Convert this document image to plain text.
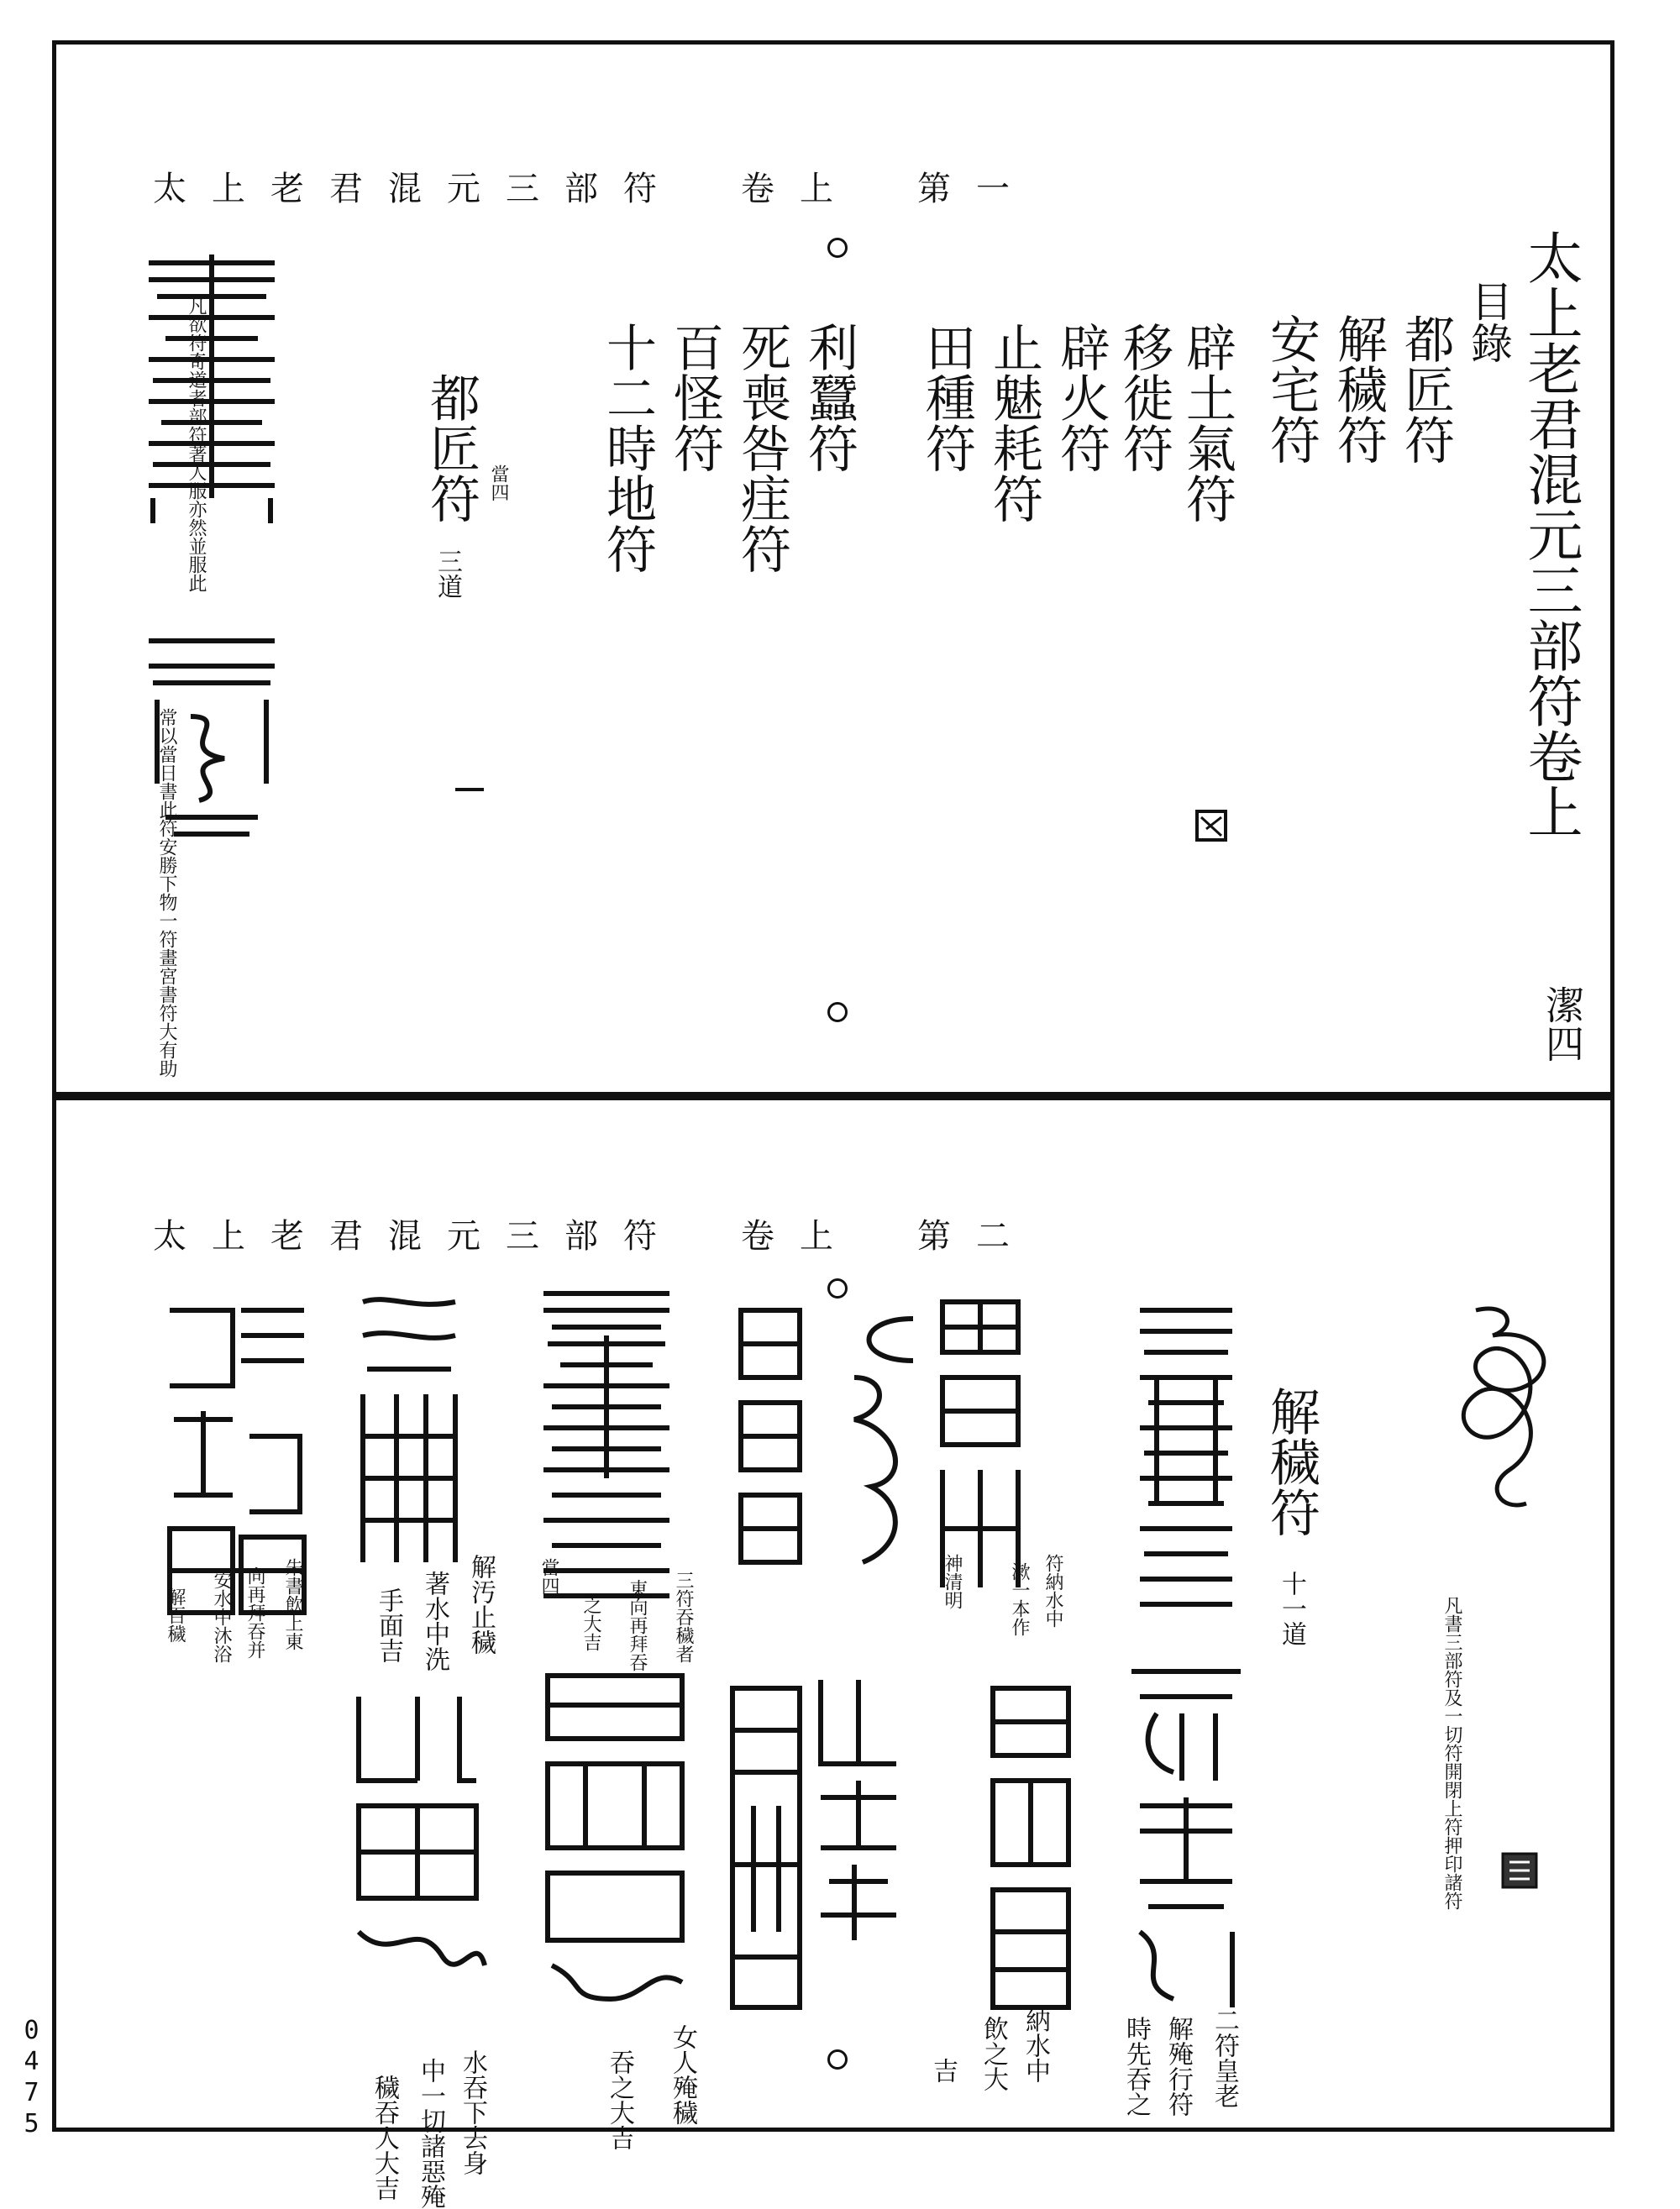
太上老君混元三部符　卷上　第一
太上老君混元三部符卷上
目錄
都匠符
解穢符
安宅符
辟土氣符
移徙符
辟火符
止魅耗符
田種符
利蠶符
死喪咎疰符
百怪符
十二時地符
都匠符 當四
三道
潔四
凡欲符奇道者部符著人服亦然並服此
常以當日書此符安勝下物一符畫宮書符大有助
太上老君混元三部符　卷上　第二
解穢符
十一道	凡書三部符及一切符開閉上符押印諸符
當四
二符皇老
解殗行符
時先吞之
納水中
飲之大
吉
符納水中
漱一本作
神清明
女人殗穢
吞之大吉
三符吞穢者
東向再拜吞
之大吉
解汚止穢
著水中洗
手面吉
水吞下去身
中一切諸惡殗
穢吞人大吉
朱書飲上東
向再拜吞并
安水中沐浴
解百穢
0475
